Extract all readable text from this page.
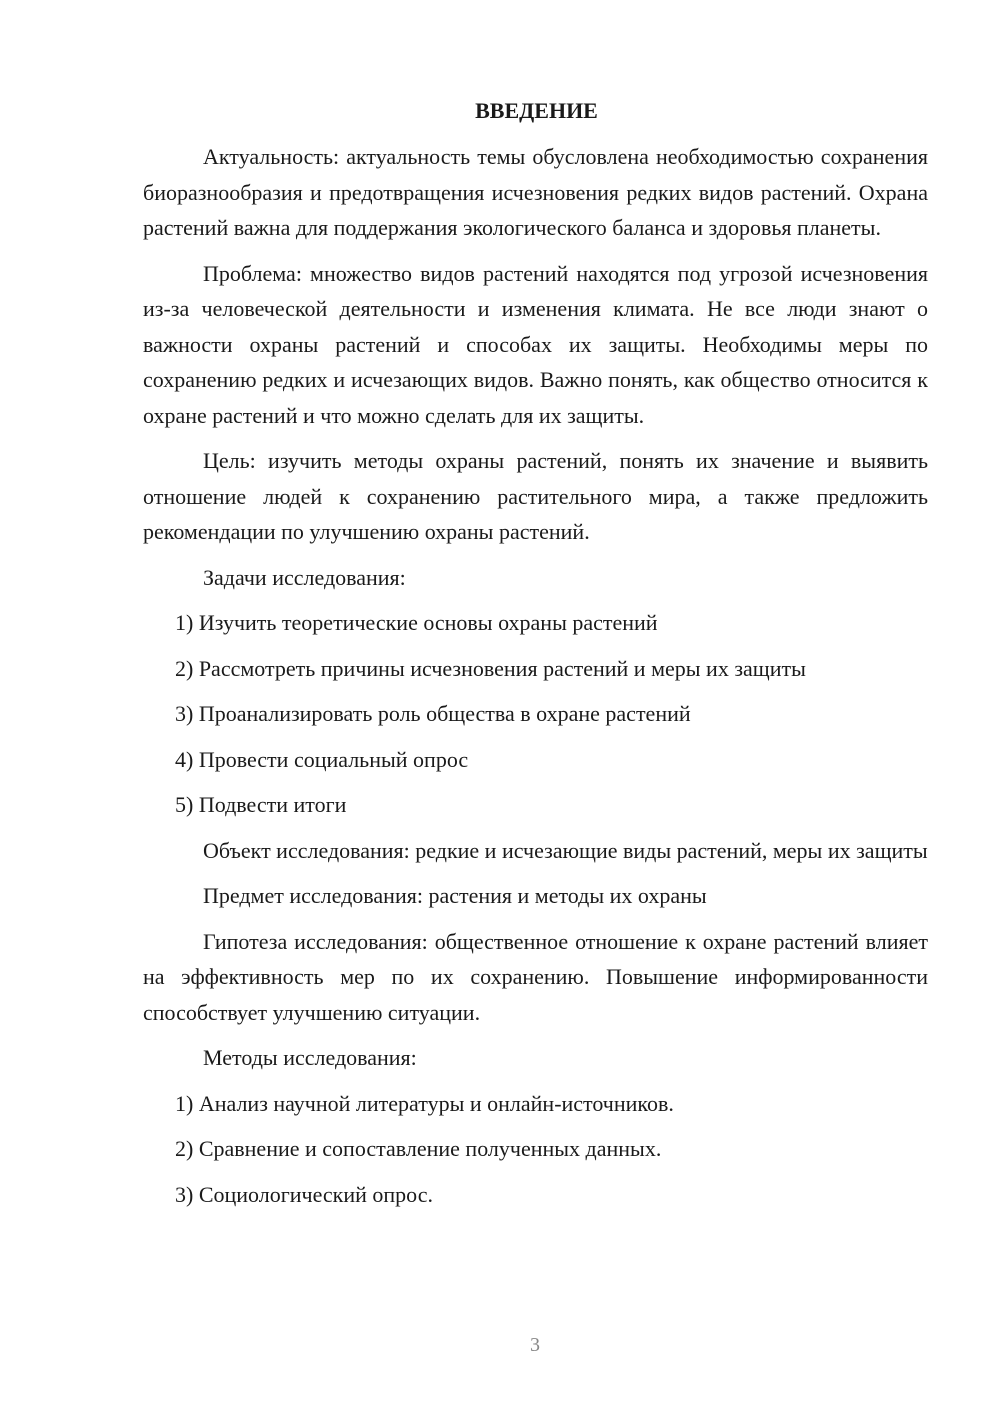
ВВЕДЕНИЕ
Актуальность: актуальность темы обусловлена необходимостью сохранения биоразнообразия и предотвращения исчезновения редких видов растений. Охрана растений важна для поддержания экологического баланса и здоровья планеты.
Проблема: множество видов растений находятся под угрозой исчезновения из-за человеческой деятельности и изменения климата. Не все люди знают о важности охраны растений и способах их защиты. Необходимы меры по сохранению редких и исчезающих видов. Важно понять, как общество относится к охране растений и что можно сделать для их защиты.
Цель: изучить методы охраны растений, понять их значение и выявить отношение людей к сохранению растительного мира, а также предложить рекомендации по улучшению охраны растений.
Задачи исследования:
1) Изучить теоретические основы охраны растений
2) Рассмотреть причины исчезновения растений и меры их защиты
3) Проанализировать роль общества в охране растений
4) Провести социальный опрос
5) Подвести итоги
Объект исследования: редкие и исчезающие виды растений, меры их защиты
Предмет исследования: растения и методы их охраны
Гипотеза исследования: общественное отношение к охране растений влияет на эффективность мер по их сохранению. Повышение информированности способствует улучшению ситуации.
Методы исследования:
1) Анализ научной литературы и онлайн-источников.
2) Сравнение и сопоставление полученных данных.
3) Социологический опрос.
3
